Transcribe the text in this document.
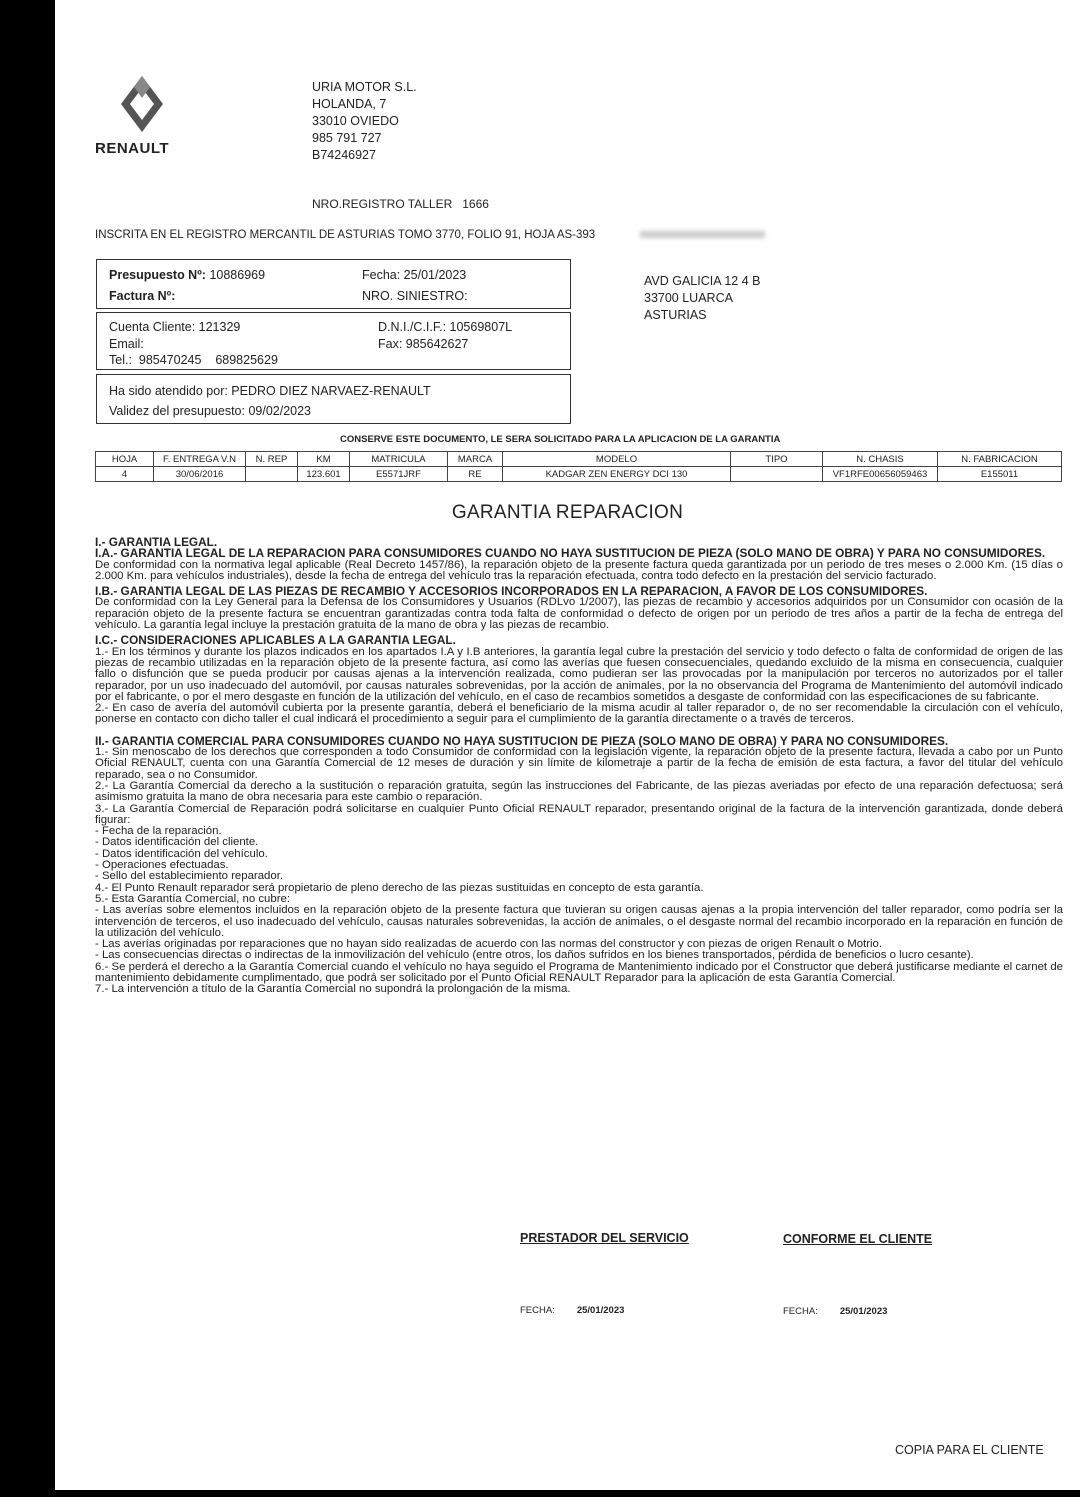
RENAULT
URIA MOTOR S.L.
HOLANDA, 7
33010 OVIEDO
985 791 727
B74246927
NRO.REGISTRO TALLER   1666
INSCRITA EN EL REGISTRO MERCANTIL DE ASTURIAS TOMO 3770, FOLIO 91, HOJA AS-393
Presupuesto Nº: 10886969	Fecha: 25/01/2023
Factura Nº:	NRO. SINIESTRO:
Cuenta Cliente: 121329	D.N.I./C.I.F.: 10569807L
Email:	Fax: 985642627
Tel.:  985470245    689825629
Ha sido atendido por: PEDRO DIEZ NARVAEZ-RENAULT
Validez del presupuesto: 09/02/2023
AVD GALICIA 12 4 B
33700 LUARCA
ASTURIAS
CONSERVE ESTE DOCUMENTO, LE SERA SOLICITADO PARA LA APLICACION DE LA GARANTIA
HOJA	F. ENTREGA V.N	N. REP	KM	MATRICULA	MARCA	MODELO	TIPO	N. CHASIS	N. FABRICACION
4	30/06/2016		123.601	E5571JRF	RE	KADGAR ZEN ENERGY DCI 130		VF1RFE00656059463	E155011
GARANTIA REPARACION
I.- GARANTIA LEGAL.
I.A.- GARANTIA LEGAL DE LA REPARACION PARA CONSUMIDORES CUANDO NO HAYA SUSTITUCION DE PIEZA (SOLO MANO DE OBRA) Y PARA NO CONSUMIDORES.
De conformidad con la normativa legal aplicable (Real Decreto 1457/86), la reparación objeto de la presente factura queda garantizada por un periodo de tres meses o 2.000 Km. (15 días o 2.000 Km. para vehículos industriales), desde la fecha de entrega del vehículo tras la reparación efectuada, contra todo defecto en la prestación del servicio facturado.
I.B.- GARANTIA LEGAL DE LAS PIEZAS DE RECAMBIO Y ACCESORIOS INCORPORADOS EN LA REPARACION, A FAVOR DE LOS CONSUMIDORES.
De conformidad con la Ley General para la Defensa de los Consumidores y Usuarios (RDLvo 1/2007), las piezas de recambio y accesorios adquiridos por un Consumidor con ocasión de la reparación objeto de la presente factura se encuentran garantizadas contra toda falta de conformidad o defecto de origen por un periodo de tres años a partir de la fecha de entrega del vehículo. La garantía legal incluye la prestación gratuita de la mano de obra y las piezas de recambio.
I.C.- CONSIDERACIONES APLICABLES A LA GARANTIA LEGAL.
1.- En los términos y durante los plazos indicados en los apartados I.A y I.B anteriores, la garantía legal cubre la prestación del servicio y todo defecto o falta de conformidad de origen de las piezas de recambio utilizadas en la reparación objeto de la presente factura, así como las averías que fuesen consecuenciales, quedando excluido de la misma en consecuencia, cualquier fallo o disfunción que se pueda producir por causas ajenas a la intervención realizada, como pudieran ser las provocadas por la manipulación por terceros no autorizados por el taller reparador, por un uso inadecuado del automóvil, por causas naturales sobrevenidas, por la acción de animales, por la no observancia del Programa de Mantenimiento del automóvil indicado por el fabricante, o por el mero desgaste en función de la utilización del vehículo, en el caso de recambios sometidos a desgaste de conformidad con las especificaciones de su fabricante.
2.- En caso de avería del automóvil cubierta por la presente garantía, deberá el beneficiario de la misma acudir al taller reparador o, de no ser recomendable la circulación con el vehículo, ponerse en contacto con dicho taller el cual indicará el procedimiento a seguir para el cumplimiento de la garantía directamente o a través de terceros.
II.- GARANTIA COMERCIAL PARA CONSUMIDORES CUANDO NO HAYA SUSTITUCION DE PIEZA (SOLO MANO DE OBRA) Y PARA NO CONSUMIDORES.
1.- Sin menoscabo de los derechos que corresponden a todo Consumidor de conformidad con la legislación vigente, la reparación objeto de la presente factura, llevada a cabo por un Punto Oficial RENAULT, cuenta con una Garantía Comercial de 12 meses de duración y sin límite de kilometraje a partir de la fecha de emisión de esta factura, a favor del titular del vehículo reparado, sea o no Consumidor.
2.- La Garantía Comercial da derecho a la sustitución o reparación gratuita, según las instrucciones del Fabricante, de las piezas averiadas por efecto de una reparación defectuosa; será asimismo gratuita la mano de obra necesaria para este cambio o reparación.
3.- La Garantía Comercial de Reparación podrá solicitarse en cualquier Punto Oficial RENAULT reparador, presentando original de la factura de la intervención garantizada, donde deberá figurar:
- Fecha de la reparación.
- Datos identificación del cliente.
- Datos identificación del vehículo.
- Operaciones efectuadas.
- Sello del establecimiento reparador.
4.- El Punto Renault reparador será propietario de pleno derecho de las piezas sustituidas en concepto de esta garantía.
5.- Esta Garantía Comercial, no cubre:
- Las averías sobre elementos incluidos en la reparación objeto de la presente factura que tuvieran su origen causas ajenas a la propia intervención del taller reparador, como podría ser la intervención de terceros, el uso inadecuado del vehículo, causas naturales sobrevenidas, la acción de animales, o el desgaste normal del recambio incorporado en la reparación en función de la utilización del vehículo.
- Las averías originadas por reparaciones que no hayan sido realizadas de acuerdo con las normas del constructor y con piezas de origen Renault o Motrio.
- Las consecuencias directas o indirectas de la inmovilización del vehículo (entre otros, los daños sufridos en los bienes transportados, pérdida de beneficios o lucro cesante).
6.- Se perderá el derecho a la Garantía Comercial cuando el vehículo no haya seguido el Programa de Mantenimiento indicado por el Constructor que deberá justificarse mediante el carnet de mantenimiento debidamente cumplimentado, que podrá ser solicitado por el Punto Oficial RENAULT Reparador para la aplicación de esta Garantía Comercial.
7.- La intervención a título de la Garantía Comercial no supondrá la prolongación de la misma.
PRESTADOR DEL SERVICIO	CONFORME EL CLIENTE
FECHA: 25/01/2023	FECHA: 25/01/2023
COPIA PARA EL CLIENTE
